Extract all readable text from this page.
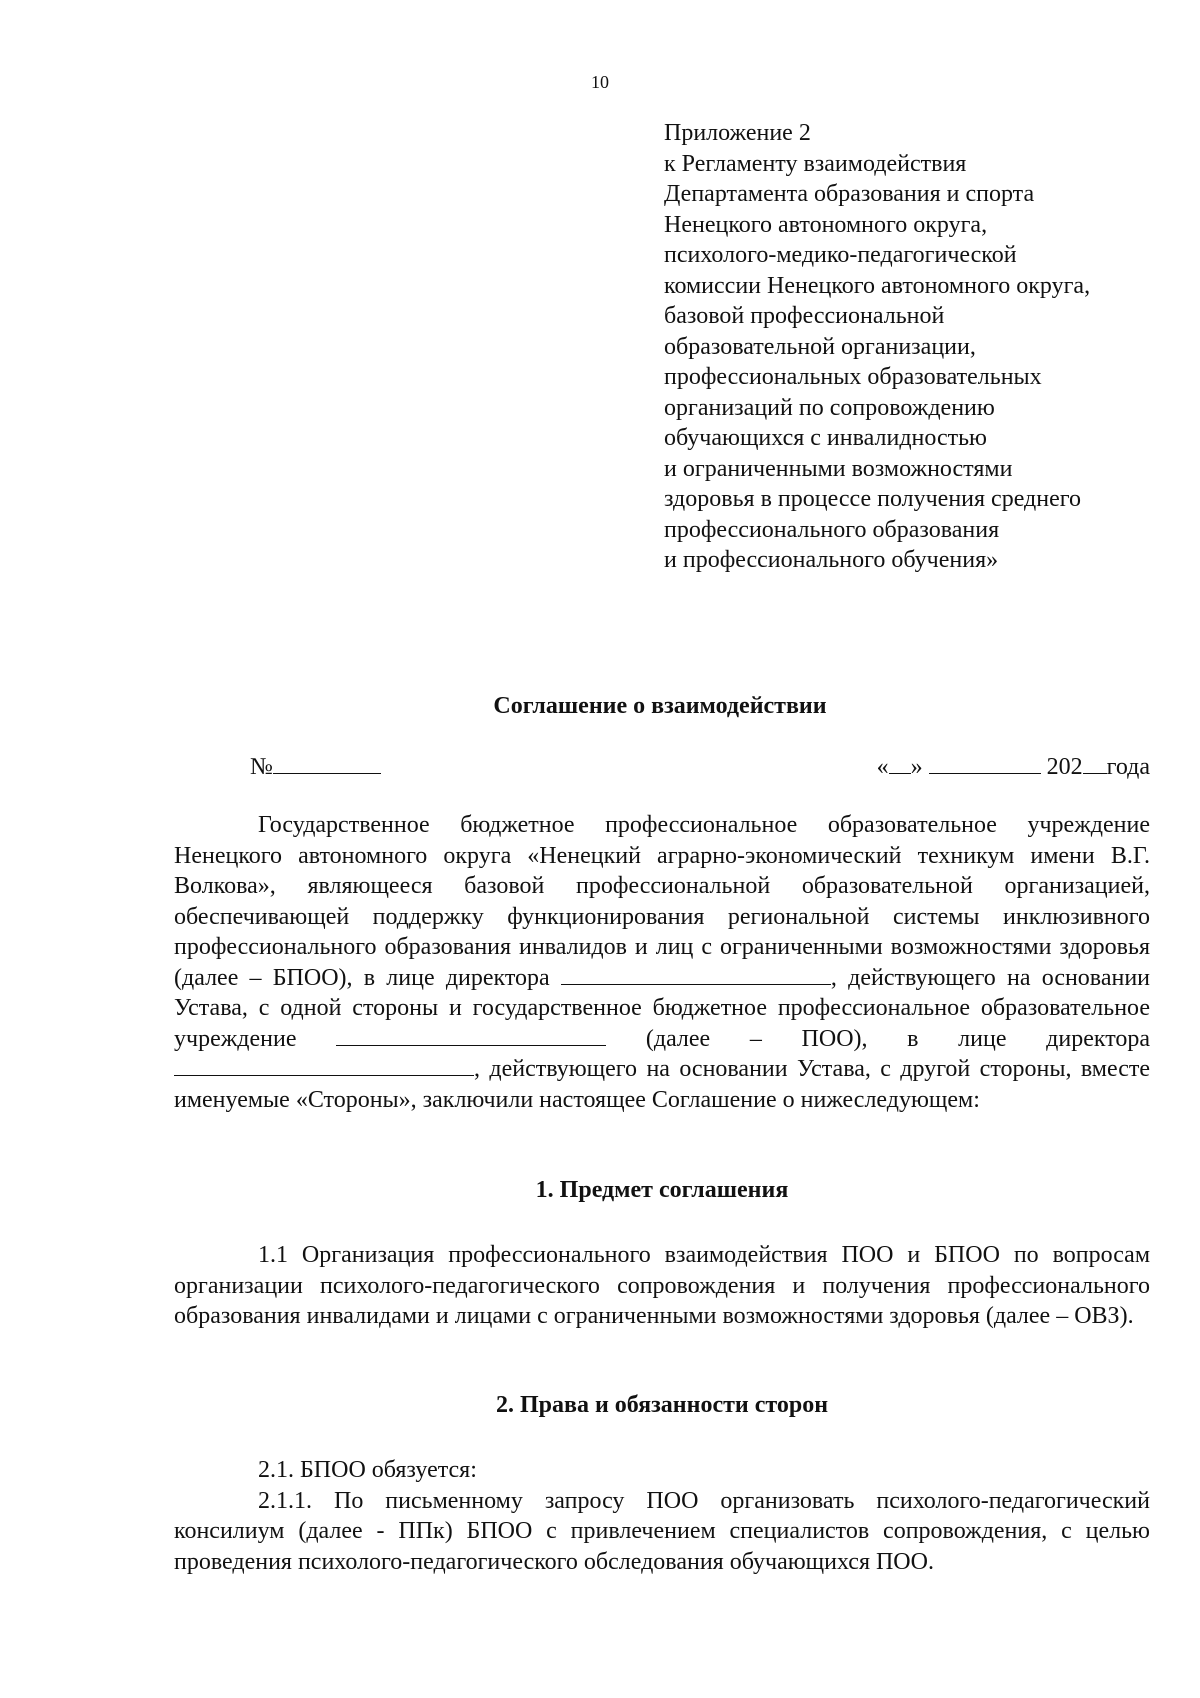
10
Приложение 2
к Регламенту взаимодействия
Департамента образования и спорта
Ненецкого автономного округа,
психолого-медико-педагогической
комиссии Ненецкого автономного округа,
базовой профессиональной
образовательной организации,
профессиональных образовательных
организаций по сопровождению
обучающихся с инвалидностью
и ограниченными возможностями
здоровья в процессе получения среднего
профессионального образования
и профессионального обучения»
Соглашение о взаимодействии
№	« »	202 года
Государственное бюджетное профессиональное образовательное учреждение Ненецкого автономного округа «Ненецкий аграрно-экономический техникум имени В.Г. Волкова», являющееся базовой профессиональной образовательной организацией, обеспечивающей поддержку функционирования региональной системы инклюзивного профессионального образования инвалидов и лиц с ограниченными возможностями здоровья (далее – БПОО), в лице директора	, действующего на основании Устава, с одной стороны и государственное бюджетное профессиональное образовательное учреждение	(далее – ПОО), в лице директора , действующего на основании Устава, с другой стороны, вместе именуемые «Стороны», заключили настоящее Соглашение о нижеследующем:
1. Предмет соглашения
1.1 Организация профессионального взаимодействия ПОО и БПОО по вопросам организации психолого-педагогического сопровождения и получения профессионального образования инвалидами и лицами с ограниченными возможностями здоровья (далее – ОВЗ).
2. Права и обязанности сторон
2.1. БПОО обязуется:
2.1.1. По письменному запросу ПОО организовать психолого-педагогический консилиум (далее - ППк) БПОО с привлечением специалистов сопровождения, с целью проведения психолого-педагогического обследования обучающихся ПОО.
